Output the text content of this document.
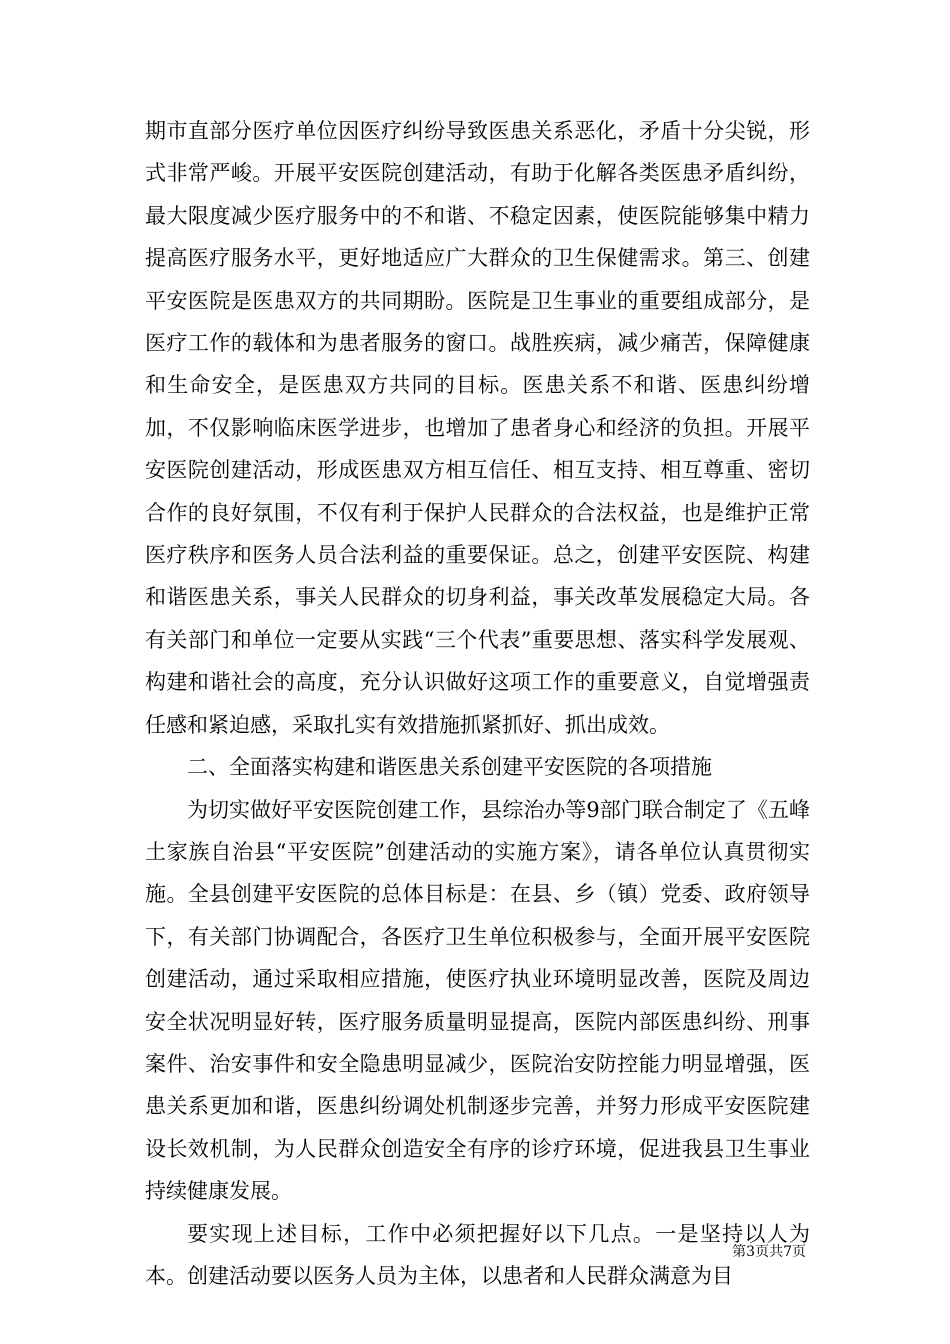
期市直部分医疗单位因医疗纠纷导致医患关系恶化，矛盾十分尖锐，形式非常严峻。开展平安医院创建活动，有助于化解各类医患矛盾纠纷，最大限度减少医疗服务中的不和谐、不稳定因素，使医院能够集中精力提高医疗服务水平，更好地适应广大群众的卫生保健需求。第三、创建平安医院是医患双方的共同期盼。医院是卫生事业的重要组成部分，是医疗工作的载体和为患者服务的窗口。战胜疾病，减少痛苦，保障健康和生命安全，是医患双方共同的目标。医患关系不和谐、医患纠纷增加，不仅影响临床医学进步，也增加了患者身心和经济的负担。开展平安医院创建活动，形成医患双方相互信任、相互支持、相互尊重、密切合作的良好氛围，不仅有利于保护人民群众的合法权益，也是维护正常医疗秩序和医务人员合法利益的重要保证。总之，创建平安医院、构建和谐医患关系，事关人民群众的切身利益，事关改革发展稳定大局。各有关部门和单位一定要从实践“三个代表”重要思想、落实科学发展观、构建和谐社会的高度，充分认识做好这项工作的重要意义，自觉增强责任感和紧迫感，采取扎实有效措施抓紧抓好、抓出成效。

二、全面落实构建和谐医患关系创建平安医院的各项措施

为切实做好平安医院创建工作，县综治办等9部门联合制定了《五峰土家族自治县“平安医院”创建活动的实施方案》，请各单位认真贯彻实施。全县创建平安医院的总体目标是：在县、乡（镇）党委、政府领导下，有关部门协调配合，各医疗卫生单位积极参与，全面开展平安医院创建活动，通过采取相应措施，使医疗执业环境明显改善，医院及周边安全状况明显好转，医疗服务质量明显提高，医院内部医患纠纷、刑事案件、治安事件和安全隐患明显减少，医院治安防控能力明显增强，医患关系更加和谐，医患纠纷调处机制逐步完善，并努力形成平安医院建设长效机制，为人民群众创造安全有序的诊疗环境，促进我县卫生事业持续健康发展。

要实现上述目标，工作中必须把握好以下几点。一是坚持以人为本。创建活动要以医务人员为主体，以患者和人民群众满意为目

第3页共7页
